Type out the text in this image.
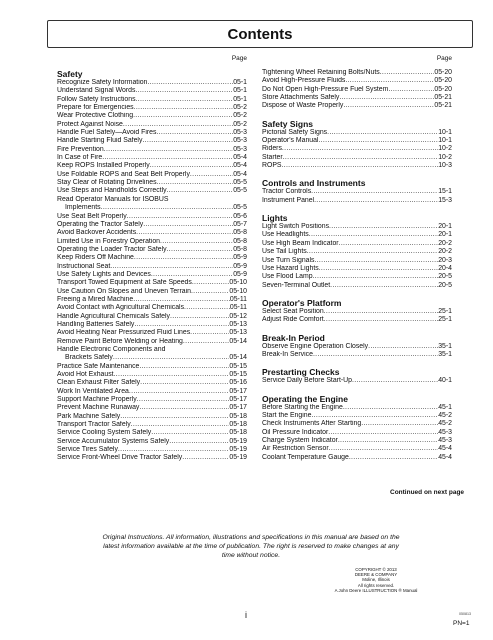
Contents
Page
Safety
Recognize Safety Information .....	05-1
Understand Signal Words .....	05-1
Follow Safety Instructions .....	05-1
Prepare for Emergencies .....	05-2
Wear Protective Clothing .....	05-2
Protect Against Noise .....	05-2
Handle Fuel Safely—Avoid Fires .....	05-3
Handle Starting Fluid Safely .....	05-3
Fire Prevention .....	05-3
In Case of Fire .....	05-4
Keep ROPS Installed Properly .....	05-4
Use Foldable ROPS and Seat Belt Properly .....	05-4
Stay Clear of Rotating Drivelines .....	05-5
Use Steps and Handholds Correctly .....	05-5
Read Operator Manuals for ISOBUS
Implements .....	05-5
Use Seat Belt Properly .....	05-6
Operating the Tractor Safely .....	05-7
Avoid Backover Accidents .....	05-8
Limited Use in Forestry Operation .....	05-8
Operating the Loader Tractor Safely .....	05-8
Keep Riders Off Machine .....	05-9
Instructional Seat .....	05-9
Use Safety Lights and Devices .....	05-9
Transport Towed Equipment at Safe Speeds .....	05-10
Use Caution On Slopes and Uneven Terrain .....	05-10
Freeing a Mired Machine .....	05-11
Avoid Contact with Agricultural Chemicals .....	05-11
Handle Agricultural Chemicals Safely .....	05-12
Handling Batteries Safely .....	05-13
Avoid Heating Near Pressurized Fluid Lines .....	05-13
Remove Paint Before Welding or Heating .....	05-14
Handle Electronic Components and
Brackets Safely .....	05-14
Practice Safe Maintenance .....	05-15
Avoid Hot Exhaust .....	05-15
Clean Exhaust Filter Safely .....	05-16
Work In Ventilated Area .....	05-17
Support Machine Properly .....	05-17
Prevent Machine Runaway .....	05-17
Park Machine Safely .....	05-18
Transport Tractor Safely .....	05-18
Service Cooling System Safely .....	05-18
Service Accumulator Systems Safely .....	05-19
Service Tires Safely .....	05-19
Service Front-Wheel Drive Tractor Safely .....	05-19
Page
Tightening Wheel Retaining Bolts/Nuts .....	05-20
Avoid High-Pressure Fluids .....	05-20
Do Not Open High-Pressure Fuel System .....	05-20
Store Attachments Safely .....	05-21
Dispose of Waste Properly .....	05-21
Safety Signs
Pictorial Safety Signs .....	10-1
Operator's Manual .....	10-1
Riders .....	10-2
Starter .....	10-2
ROPS .....	10-3
Controls and Instruments
Tractor Controls .....	15-1
Instrument Panel .....	15-3
Lights
Light Switch Positions .....	20-1
Use Headlights .....	20-1
Use High Beam Indicator .....	20-2
Use Tail Lights .....	20-2
Use Turn Signals .....	20-3
Use Hazard Lights .....	20-4
Use Flood Lamp .....	20-5
Seven-Terminal Outlet .....	20-5
Operator's Platform
Select Seat Position .....	25-1
Adjust Ride Comfort .....	25-1
Break-In Period
Observe Engine Operation Closely .....	35-1
Break-In Service .....	35-1
Prestarting Checks
Service Daily Before Start-Up .....	40-1
Operating the Engine
Before Starting the Engine .....	45-1
Start the Engine .....	45-2
Check Instruments After Starting .....	45-2
Oil Pressure Indicator .....	45-3
Charge System Indicator .....	45-3
Air Restriction Sensor .....	45-4
Coolant Temperature Gauge .....	45-4
Continued on next page
Original Instructions. All information, illustrations and specifications in this manual are based on the latest information available at the time of publication. The right is reserved to make changes at any time without notice.
COPYRIGHT © 2013
DEERE & COMPANY
Moline, Illinois
All rights reserved.
A John Deere ILLUSTRUCTION ® Manual
i	050813
PN=1
